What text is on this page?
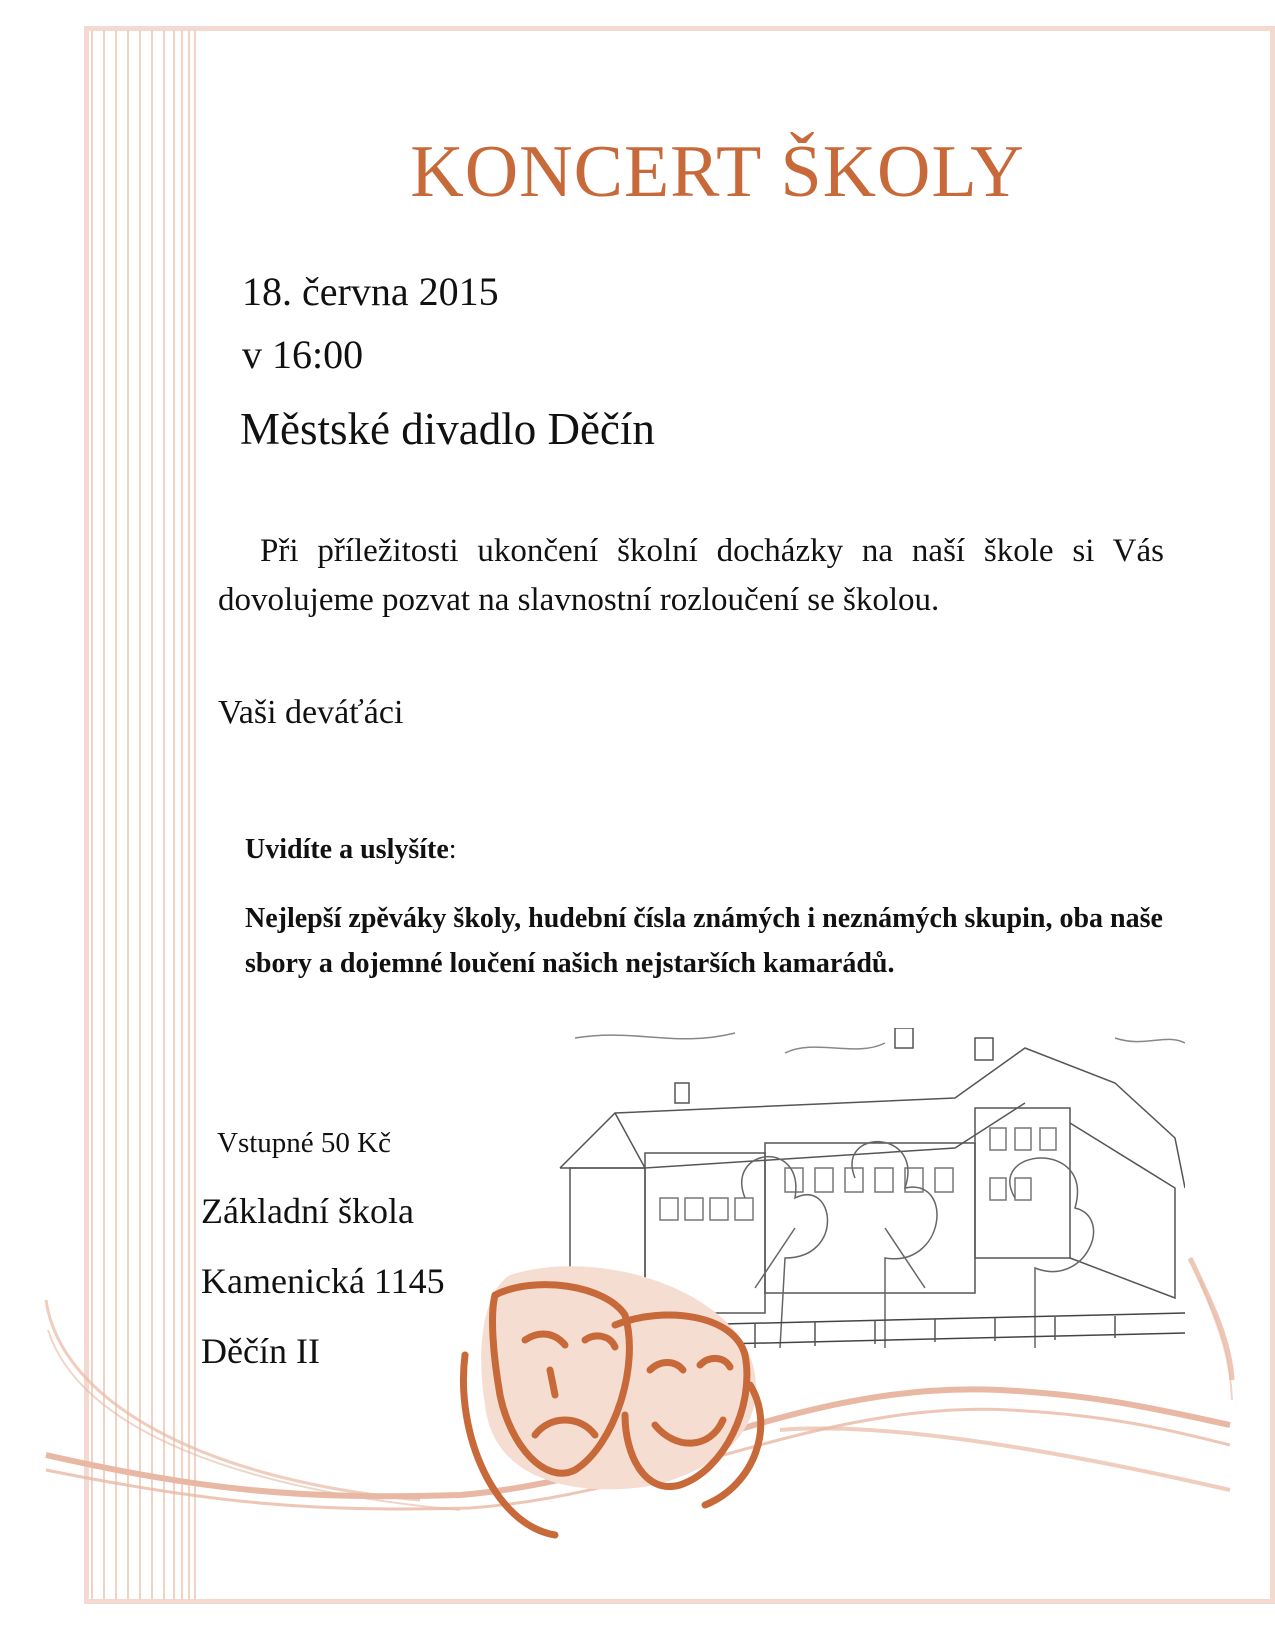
KONCERT ŠKOLY
18. června 2015
v 16:00
Městské divadlo Děčín
Při příležitosti ukončení školní docházky na naší škole si Vás dovolujeme pozvat na slavnostní rozloučení se školou.
Vaši deváťáci
Uvidíte a uslyšíte:
Nejlepší zpěváky školy, hudební čísla známých i neznámých skupin, oba naše sbory a dojemné loučení našich nejstarších kamarádů.
Vstupné 50 Kč
Základní škola
Kamenická 1145
Děčín II
